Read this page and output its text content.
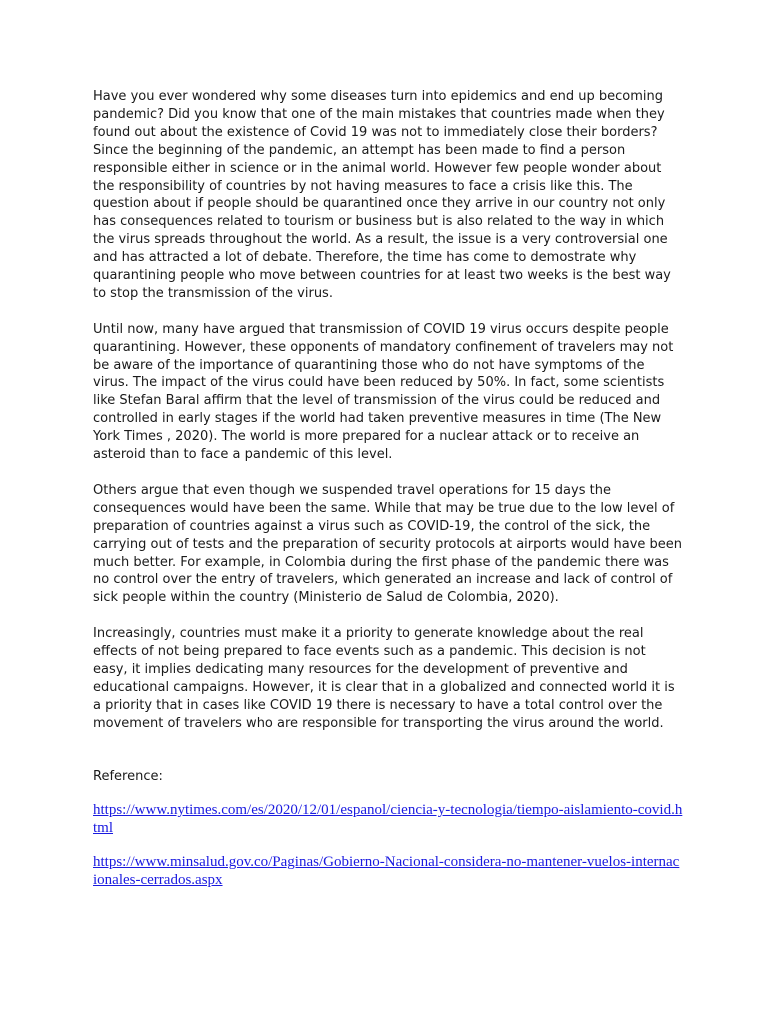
Have you ever wondered why some diseases turn into epidemics and end up becoming pandemic? Did you know that one of the main mistakes that countries made when they found out about the existence of Covid 19 was not to immediately close their borders? Since the beginning of the pandemic, an attempt has been made to find a person responsible either in science or in the animal world. However few people wonder about the responsibility of countries by not having measures to face a crisis like this. The question about if people should be quarantined once they arrive in our country not only has consequences related to tourism or business but is also related to the way in which the virus spreads throughout the world. As a result, the issue is a very controversial one and has attracted a lot of debate. Therefore, the time has come to demostrate why quarantining people who move between countries for at least two weeks is the best way to stop the transmission of the virus.

Until now, many have argued that transmission of COVID 19 virus occurs despite people quarantining. However, these opponents of mandatory confinement of travelers may not be aware of the importance of quarantining those who do not have symptoms of the virus. The impact of the virus could have been reduced by 50%. In fact, some scientists like Stefan Baral affirm that the level of transmission of the virus could be reduced and controlled in early stages if the world had taken preventive measures in time (The New York Times , 2020). The world is more prepared for a nuclear attack or to receive an asteroid than to face a pandemic of this level.

Others argue that even though we suspended travel operations for 15 days the consequences would have been the same. While that may be true due to the low level of preparation of countries against a virus such as COVID-19, the control of the sick, the carrying out of tests and the preparation of security protocols at airports would have been much better. For example, in Colombia during the first phase of the pandemic there was no control over the entry of travelers, which generated an increase and lack of control of sick people within the country (Ministerio de Salud de Colombia, 2020).

Increasingly, countries must make it a priority to generate knowledge about the real effects of not being prepared to face events such as a pandemic. This decision is not easy, it implies dedicating many resources for the development of preventive and educational campaigns. However, it is clear that in a globalized and connected world it is a priority that in cases like COVID 19 there is necessary to have a total control over the movement of travelers who are responsible for transporting the virus around the world.

Reference:

https://www.nytimes.com/es/2020/12/01/espanol/ciencia-y-tecnologia/tiempo-aislamiento-covid.html
https://www.minsalud.gov.co/Paginas/Gobierno-Nacional-considera-no-mantener-vuelos-internacionales-cerrados.aspx
